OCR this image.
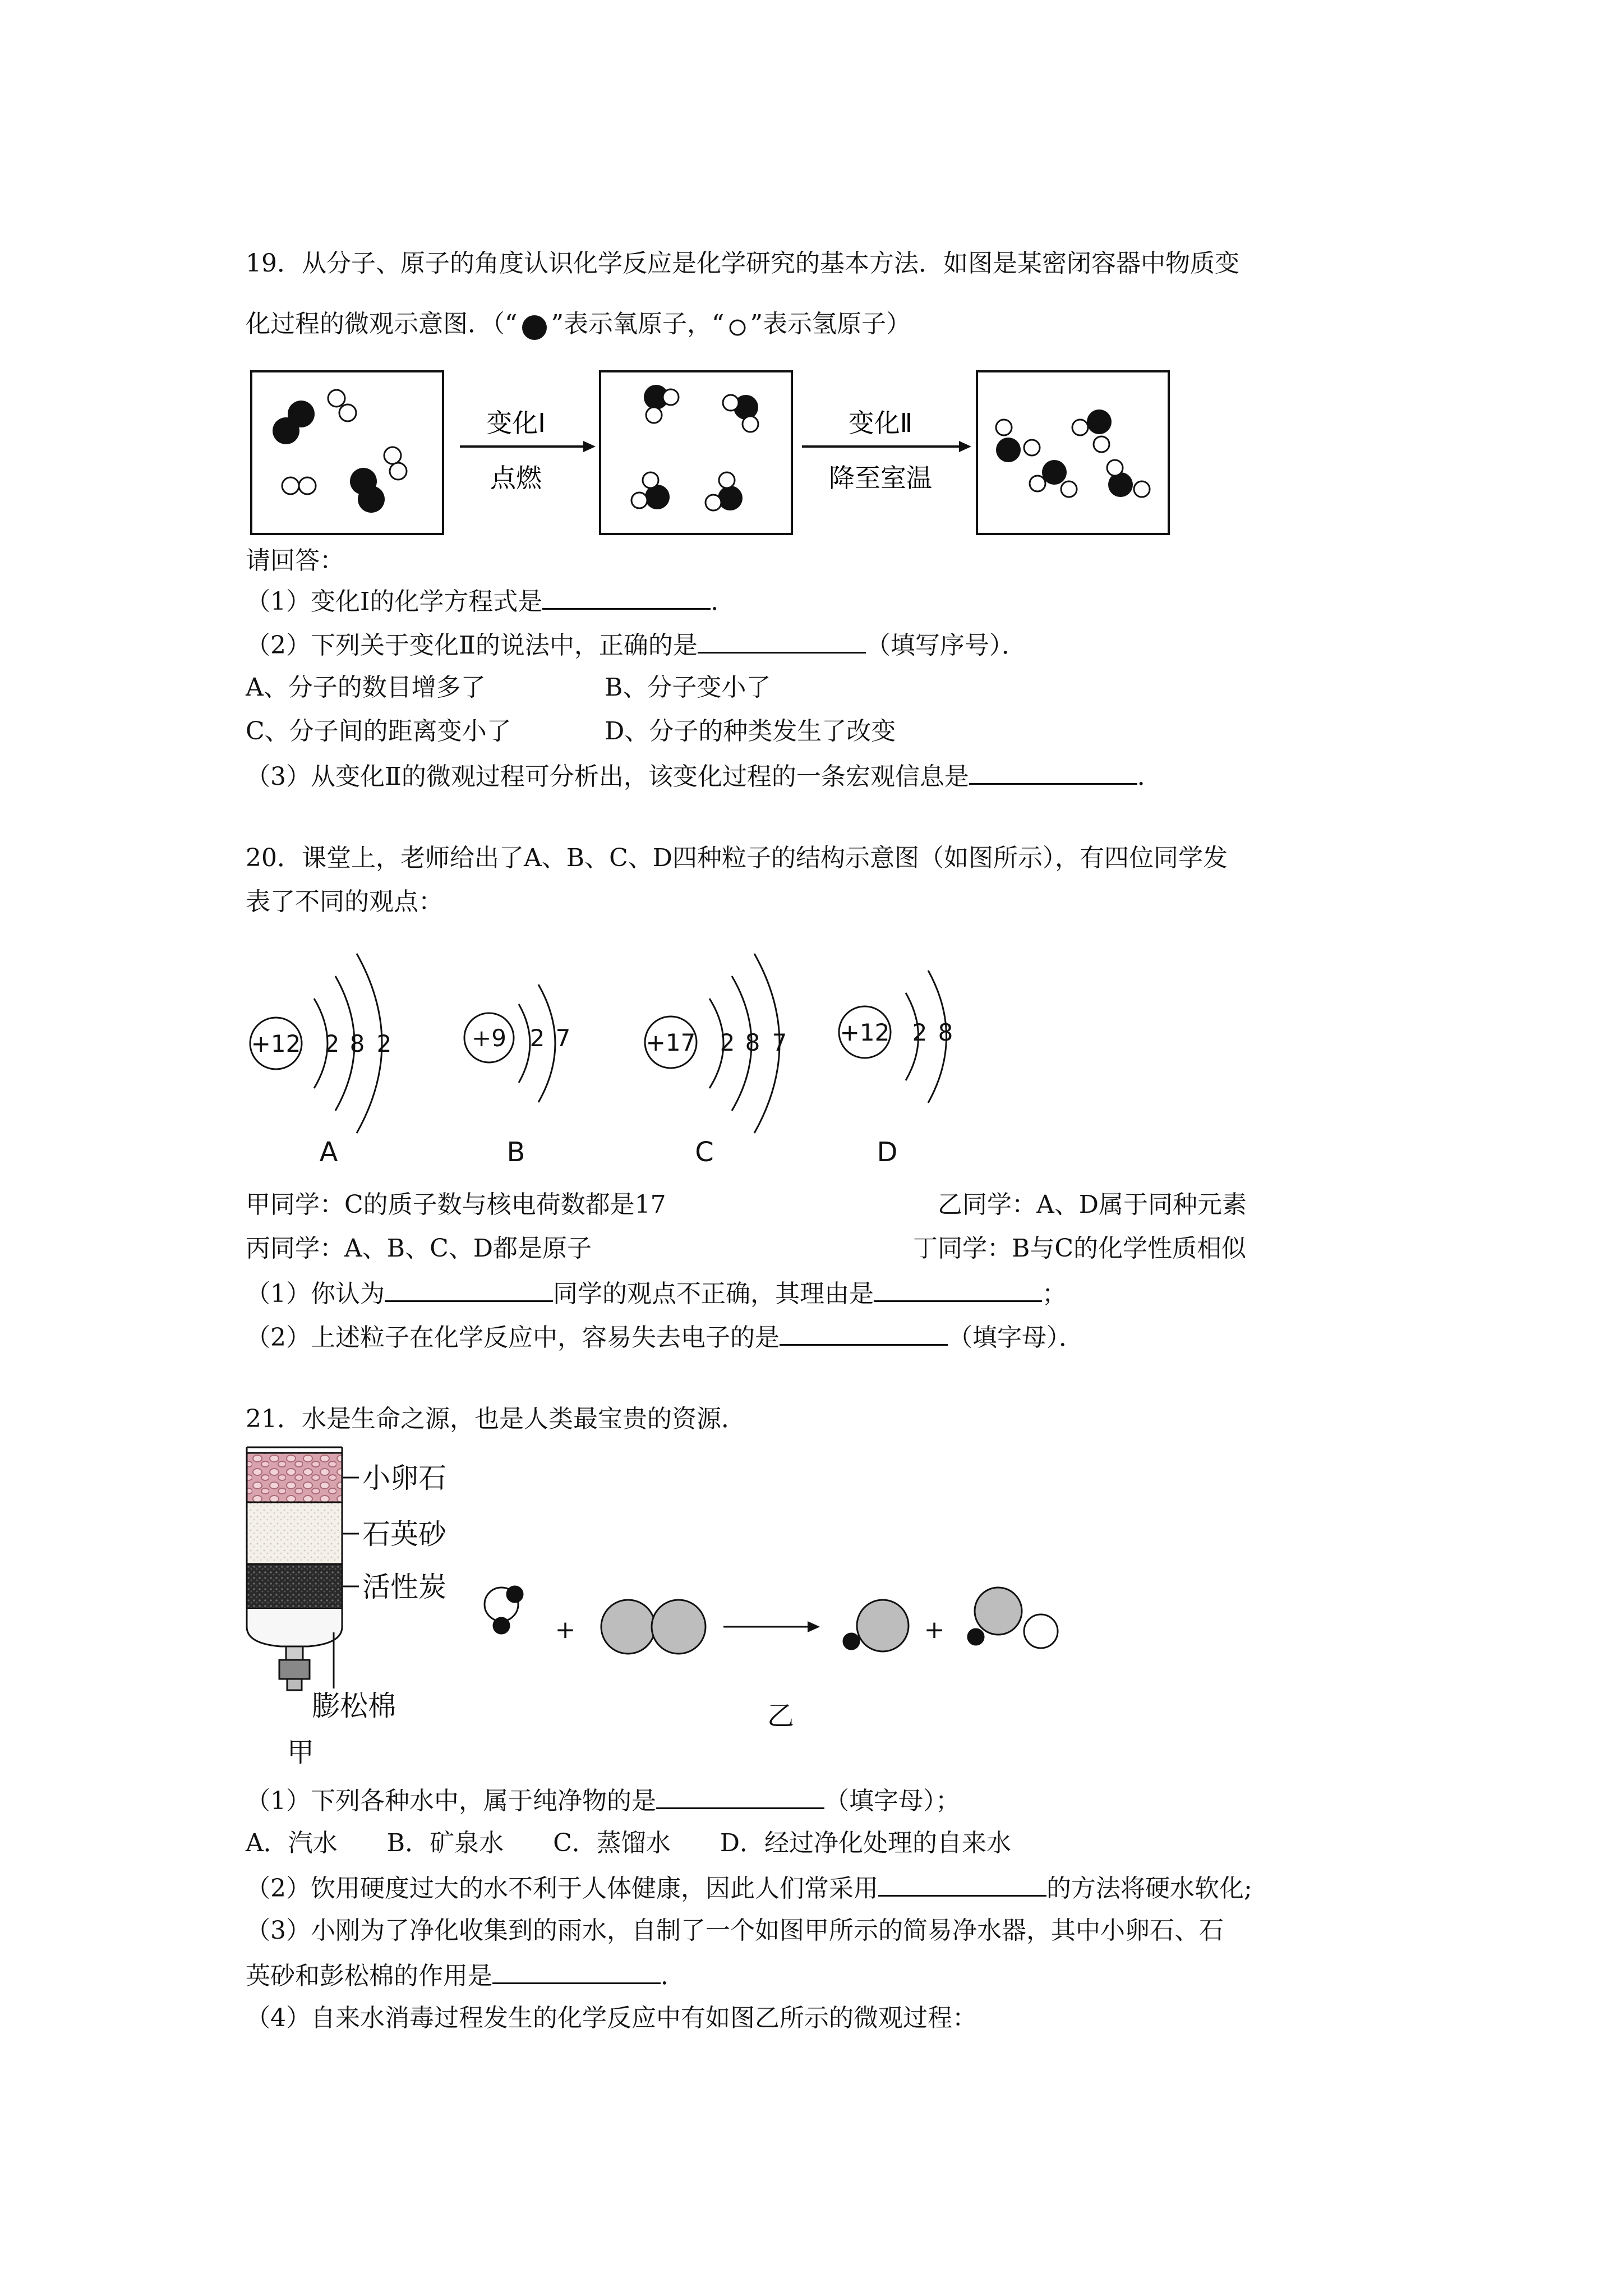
19．从分子、原子的角度认识化学反应是化学研究的基本方法．如图是某密闭容器中物质变
化过程的微观示意图．（“ ”表示氧原子，“ ”表示氢原子）
变化Ⅰ
点燃
变化Ⅱ
降至室温
请回答：
（1）变化Ⅰ的化学方程式是	．
（2）下列关于变化Ⅱ的说法中，正确的是	（填写序号）．
A、分子的数目增多了	B、分子变小了
C、分子间的距离变小了	D、分子的种类发生了改变
（3）从变化Ⅱ的微观过程可分析出，该变化过程的一条宏观信息是	．
20．课堂上，老师给出了A、B、C、D四种粒子的结构示意图（如图所示），有四位同学发
表了不同的观点：
+12 2 8 2
A
+9 2 7
B
+17 2 8 7
C
+12 2 8
D
甲同学：C的质子数与核电荷数都是17	乙同学：A、D属于同种元素
丙同学：A、B、C、D都是原子	丁同学：B与C的化学性质相似
（1）你认为	同学的观点不正确，其理由是	；
（2）上述粒子在化学反应中，容易失去电子的是	（填字母）．
21．水是生命之源，也是人类最宝贵的资源．
小卵石
石英砂
活性炭
膨松棉
甲
乙
+	+
（1）下列各种水中，属于纯净物的是	（填字母）；
A．汽水　　B．矿泉水　　C．蒸馏水　　D．经过净化处理的自来水
（2）饮用硬度过大的水不利于人体健康，因此人们常采用	的方法将硬水软化;
（3）小刚为了净化收集到的雨水，自制了一个如图甲所示的简易净水器，其中小卵石、石
英砂和彭松棉的作用是	．
（4）自来水消毒过程发生的化学反应中有如图乙所示的微观过程：
